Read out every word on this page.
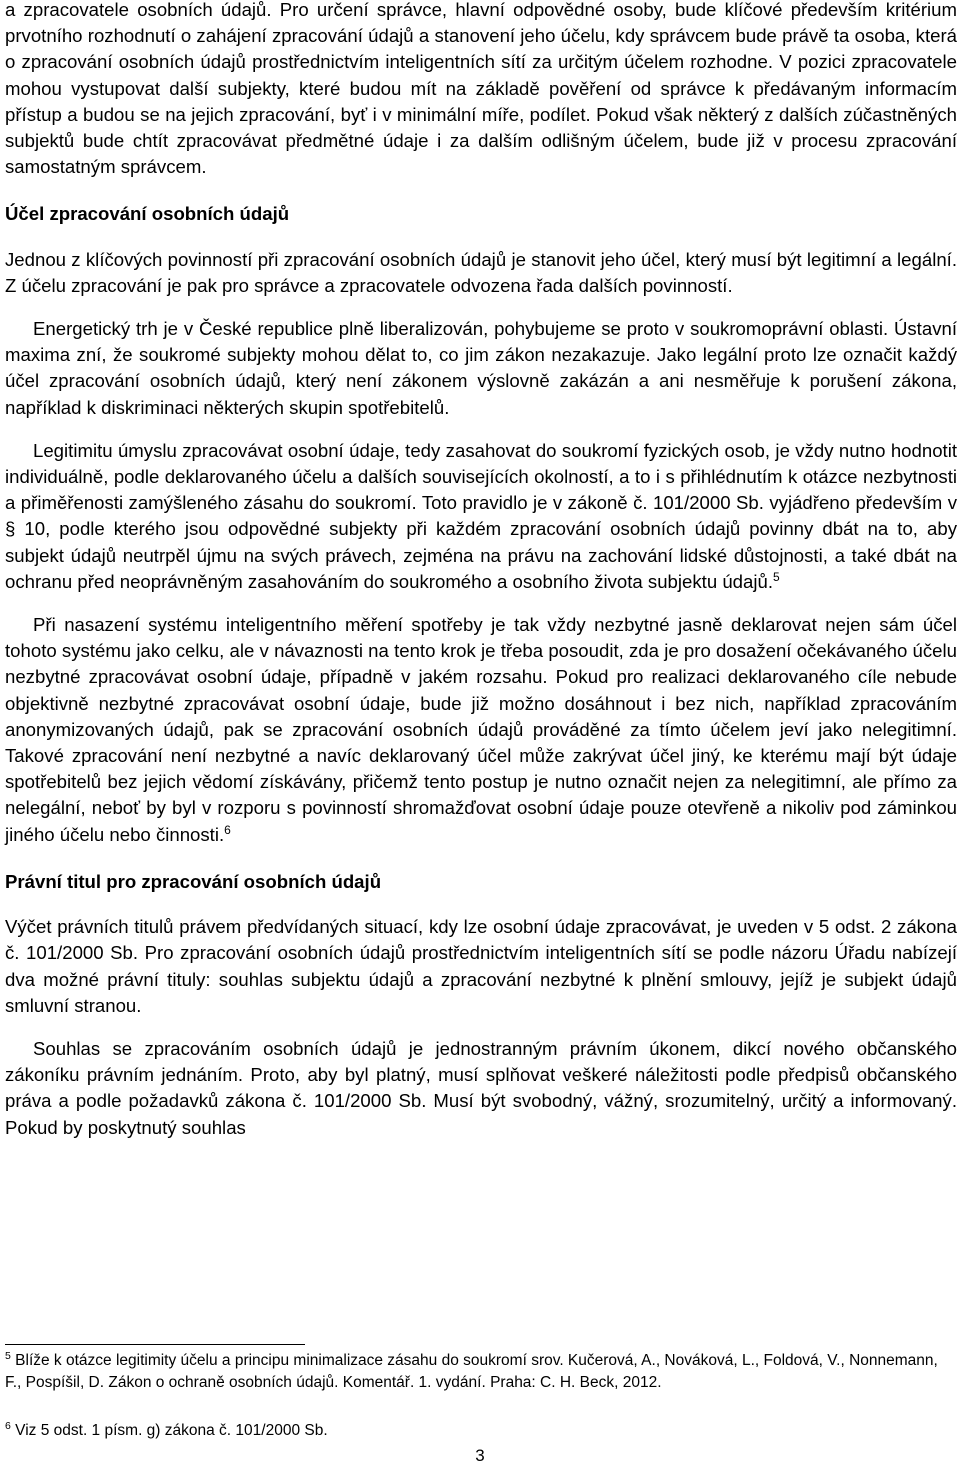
a zpracovatele osobních údajů. Pro určení správce, hlavní odpovědné osoby, bude klíčové především kritérium prvotního rozhodnutí o zahájení zpracování údajů a stanovení jeho účelu, kdy správcem bude právě ta osoba, která o zpracování osobních údajů prostřednictvím inteligentních sítí za určitým účelem rozhodne. V pozici zpracovatele mohou vystupovat další subjekty, které budou mít na základě pověření od správce k předávaným informacím přístup a budou se na jejich zpracování, byť i v minimální míře, podílet. Pokud však některý z dalších zúčastněných subjektů bude chtít zpracovávat předmětné údaje i za dalším odlišným účelem, bude již v procesu zpracování samostatným správcem.

Účel zpracování osobních údajů

Jednou z klíčových povinností při zpracování osobních údajů je stanovit jeho účel, který musí být legitimní a legální. Z účelu zpracování je pak pro správce a zpracovatele odvozena řada dalších povinností.

Energetický trh je v České republice plně liberalizován, pohybujeme se proto v soukromoprávní oblasti. Ústavní maxima zní, že soukromé subjekty mohou dělat to, co jim zákon nezakazuje. Jako legální proto lze označit každý účel zpracování osobních údajů, který není zákonem výslovně zakázán a ani nesměřuje k porušení zákona, například k diskriminaci některých skupin spotřebitelů.

Legitimitu úmyslu zpracovávat osobní údaje, tedy zasahovat do soukromí fyzických osob, je vždy nutno hodnotit individuálně, podle deklarovaného účelu a dalších souvisejících okolností, a to i s přihlédnutím k otázce nezbytnosti a přiměřenosti zamýšleného zásahu do soukromí. Toto pravidlo je v zákoně č. 101/2000 Sb. vyjádřeno především v § 10, podle kterého jsou odpovědné subjekty při každém zpracování osobních údajů povinny dbát na to, aby subjekt údajů neutrpěl újmu na svých právech, zejména na právu na zachování lidské důstojnosti, a také dbát na ochranu před neoprávněným zasahováním do soukromého a osobního života subjektu údajů.$^5$

Při nasazení systému inteligentního měření spotřeby je tak vždy nezbytné jasně deklarovat nejen sám účel tohoto systému jako celku, ale v návaznosti na tento krok je třeba posoudit, zda je pro dosažení očekávaného účelu nezbytné zpracovávat osobní údaje, případně v jakém rozsahu. Pokud pro realizaci deklarovaného cíle nebude objektivně nezbytné zpracovávat osobní údaje, bude již možno dosáhnout i bez nich, například zpracováním anonymizovaných údajů, pak se zpracování osobních údajů prováděné za tímto účelem jeví jako nelegitimní. Takové zpracování není nezbytné a navíc deklarovaný účel může zakrývat účel jiný, ke kterému mají být údaje spotřebitelů bez jejich vědomí získávány, přičemž tento postup je nutno označit nejen za nelegitimní, ale přímo za nelegální, neboť by byl v rozporu s povinností shromažďovat osobní údaje pouze otevřeně a nikoliv pod záminkou jiného účelu nebo činnosti.$^6$

Právní titul pro zpracování osobních údajů

Výčet právních titulů právem předvídaných situací, kdy lze osobní údaje zpracovávat, je uveden v 5 odst. 2 zákona č. 101/2000 Sb. Pro zpracování osobních údajů prostřednictvím inteligentních sítí se podle názoru Úřadu nabízejí dva možné právní tituly: souhlas subjektu údajů a zpracování nezbytné k plnění smlouvy, jejíž je subjekt údajů smluvní stranou.

Souhlas se zpracováním osobních údajů je jednostranným právním úkonem, dikcí nového občanského zákoníku právním jednáním. Proto, aby byl platný, musí splňovat veškeré náležitosti podle předpisů občanského práva a podle požadavků zákona č. 101/2000 Sb. Musí být svobodný, vážný, srozumitelný, určitý a informovaný. Pokud by poskytnutý souhlas

$^5$ Blíže k otázce legitimity účelu a principu minimalizace zásahu do soukromí srov. Kučerová, A., Nováková, L., Foldová, V., Nonnemann, F., Pospíšil, D. Zákon o ochraně osobních údajů. Komentář. 1. vydání. Praha: C. H. Beck, 2012.

$^6$ Viz 5 odst. 1 písm. g) zákona č. 101/2000 Sb.

3
